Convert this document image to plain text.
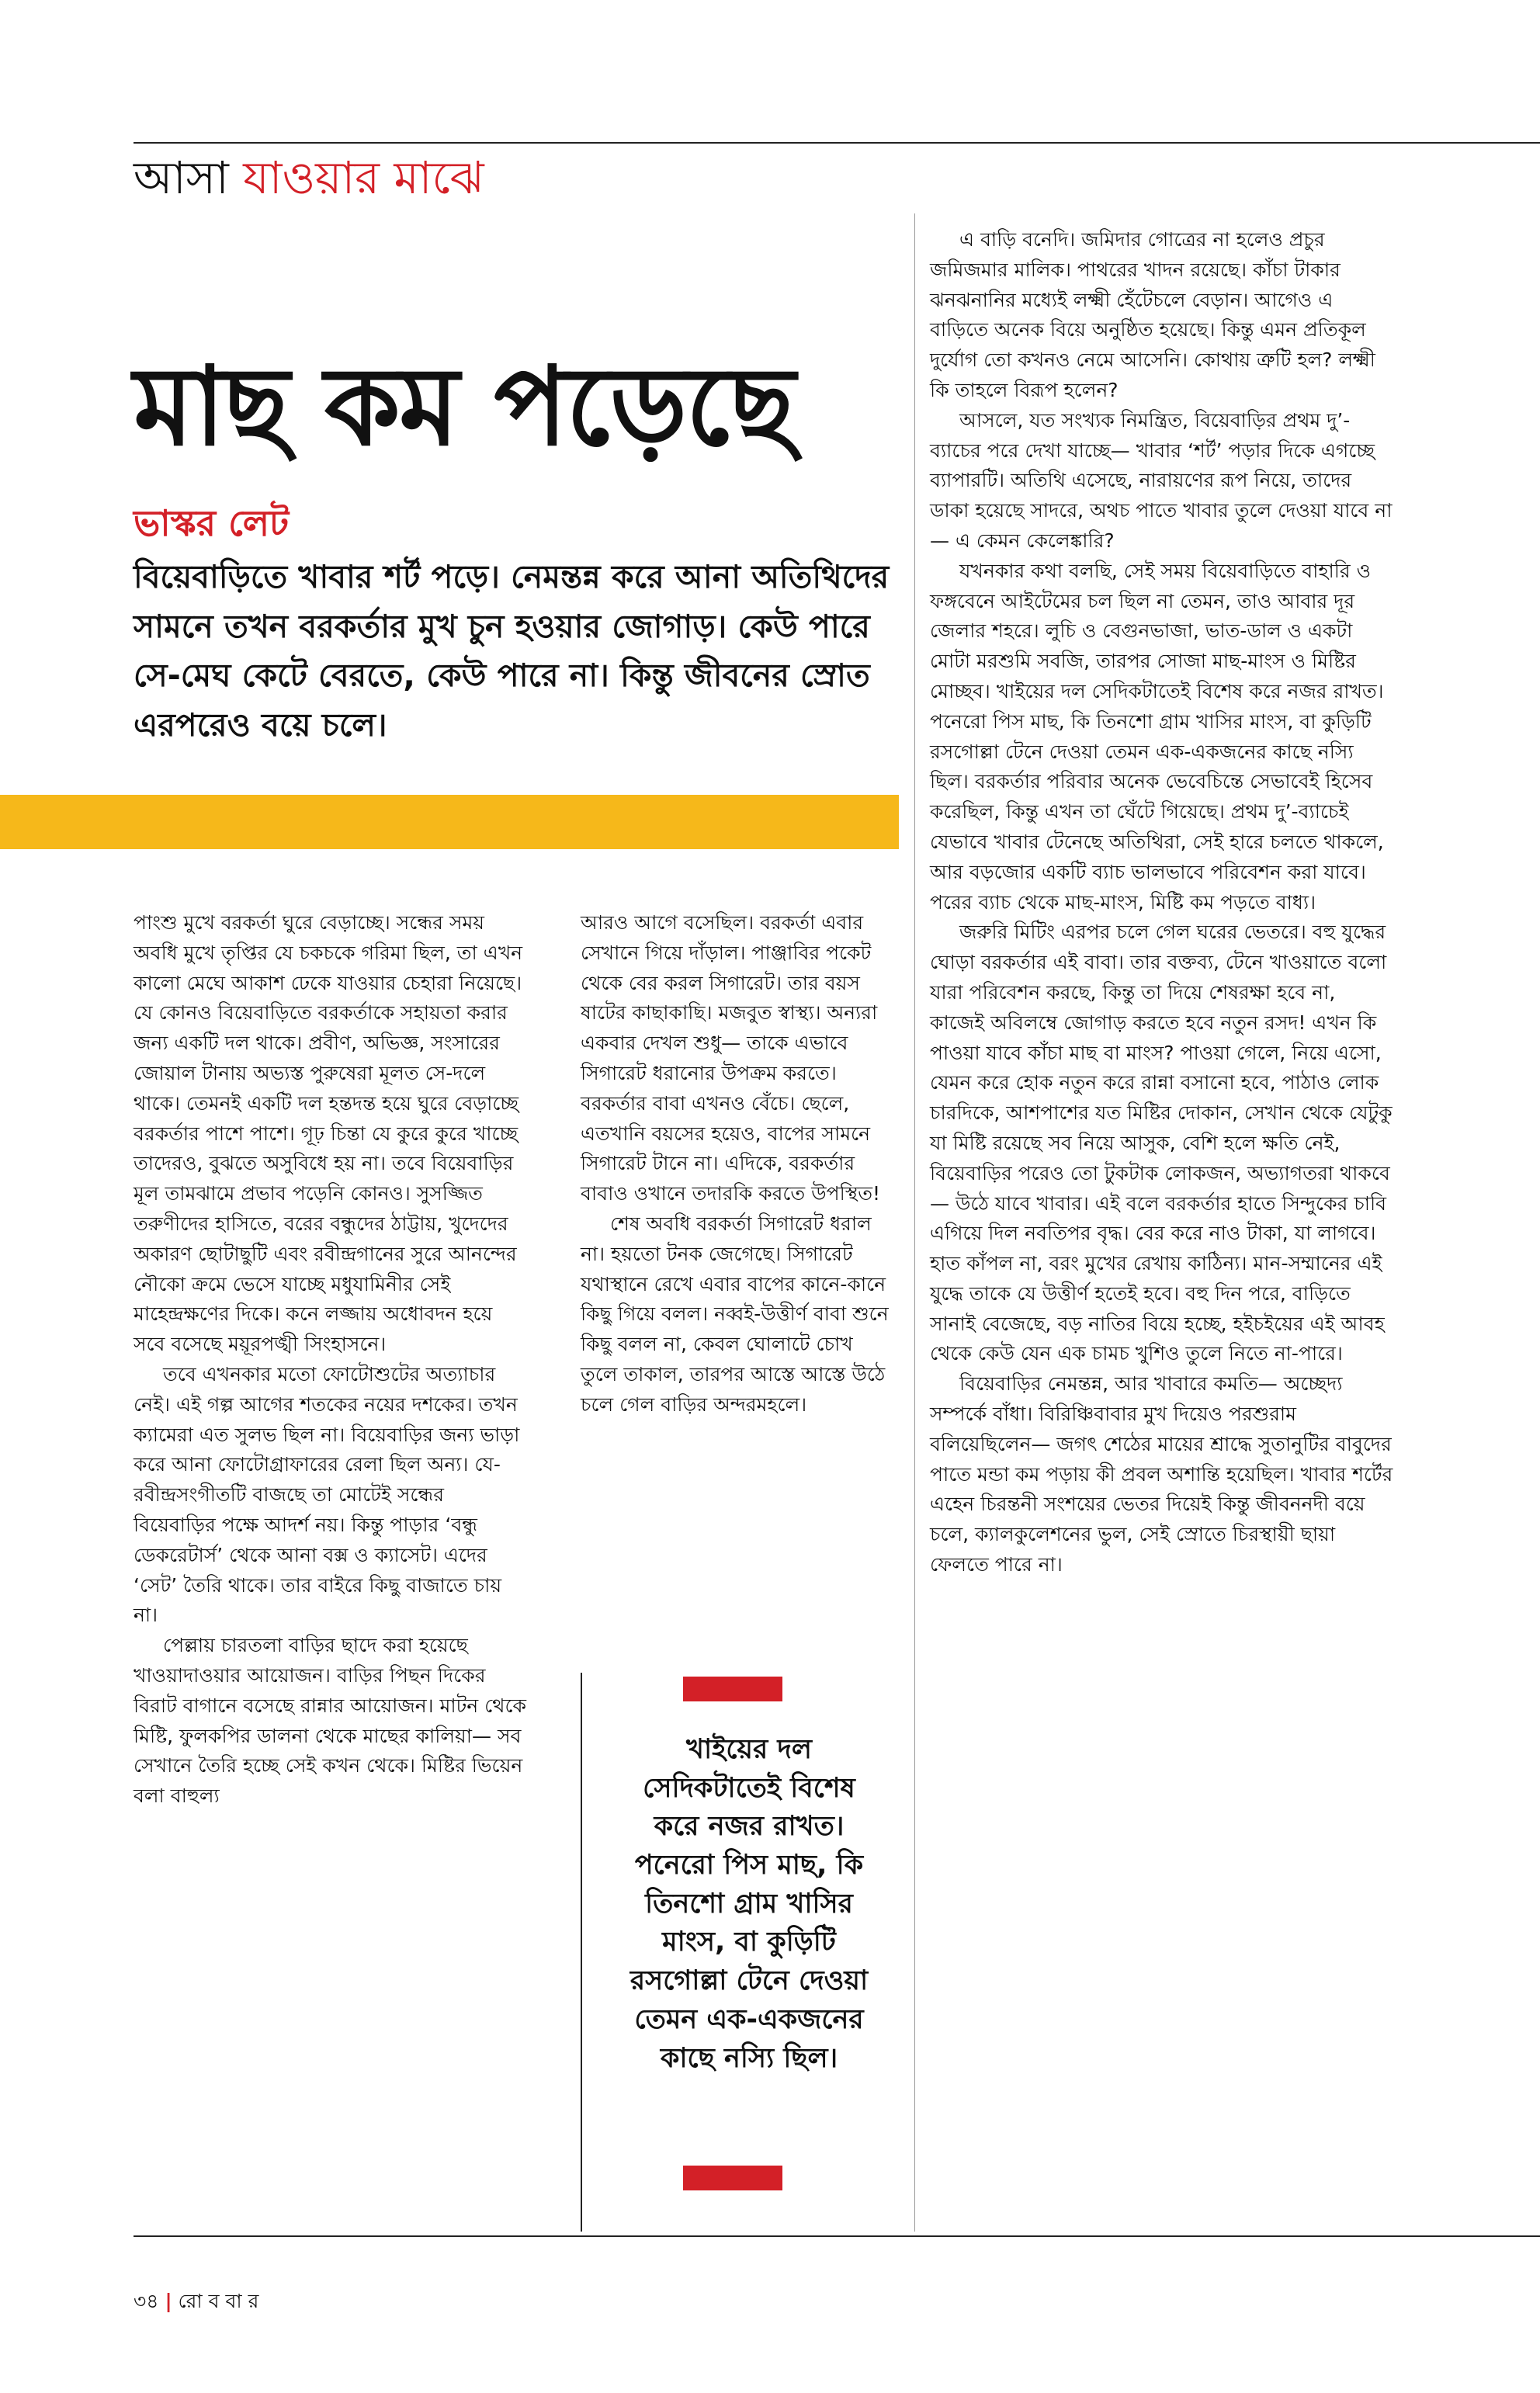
আসা যাওয়ার মাঝে
মাছ কম পড়েছে
ভাস্কর লেট
বিয়েবাড়িতে খাবার শর্ট পড়ে। নেমন্তন্ন করে আনা অতিথিদের সামনে তখন বরকর্তার মুখ চুন হওয়ার জোগাড়। কেউ পারে সে-মেঘ কেটে বেরতে, কেউ পারে না। কিন্তু জীবনের স্রোত এরপরেও বয়ে চলে।

পাংশু মুখে বরকর্তা ঘুরে বেড়াচ্ছে। সন্ধের সময় অবধি মুখে তৃপ্তির যে চকচকে গরিমা ছিল, তা এখন কালো মেঘে আকাশ ঢেকে যাওয়ার চেহারা নিয়েছে। যে কোনও বিয়েবাড়িতে বরকর্তাকে সহায়তা করার জন্য একটি দল থাকে। প্রবীণ, অভিজ্ঞ, সংসারের জোয়াল টানায় অভ্যস্ত পুরুষেরা মূলত সে-দলে থাকে। তেমনই একটি দল হন্তদন্ত হয়ে ঘুরে বেড়াচ্ছে বরকর্তার পাশে পাশে। গূঢ় চিন্তা যে কুরে কুরে খাচ্ছে তাদেরও, বুঝতে অসুবিধে হয় না। তবে বিয়েবাড়ির মূল তামঝামে প্রভাব পড়েনি কোনও। সুসজ্জিত তরুণীদের হাসিতে, বরের বন্ধুদের ঠাট্টায়, খুদেদের অকারণ ছোটাছুটি এবং রবীন্দ্রগানের সুরে আনন্দের নৌকো ক্রমে ভেসে যাচ্ছে মধুযামিনীর সেই মাহেন্দ্রক্ষণের দিকে। কনে লজ্জায় অধোবদন হয়ে সবে বসেছে ময়ূরপঙ্খী সিংহাসনে।

তবে এখনকার মতো ফোটোশুটের অত্যাচার নেই। এই গল্প আগের শতকের নয়ের দশকের। তখন ক্যামেরা এত সুলভ ছিল না। বিয়েবাড়ির জন্য ভাড়া করে আনা ফোটোগ্রাফারের রেলা ছিল অন্য। যে-রবীন্দ্রসংগীতটি বাজছে তা মোটেই সন্ধের বিয়েবাড়ির পক্ষে আদর্শ নয়। কিন্তু পাড়ার ‘বন্ধু ডেকরেটার্স’ থেকে আনা বক্স ও ক্যাসেট। এদের ‘সেট’ তৈরি থাকে। তার বাইরে কিছু বাজাতে চায় না।

পেল্লায় চারতলা বাড়ির ছাদে করা হয়েছে খাওয়াদাওয়ার আয়োজন। বাড়ির পিছন দিকের বিরাট বাগানে বসেছে রান্নার আয়োজন। মাটন থেকে মিষ্টি, ফুলকপির ডালনা থেকে মাছের কালিয়া— সব সেখানে তৈরি হচ্ছে সেই কখন থেকে। মিষ্টির ভিয়েন বলা বাহুল্য

আরও আগে বসেছিল। বরকর্তা এবার সেখানে গিয়ে দাঁড়াল। পাঞ্জাবির পকেট থেকে বের করল সিগারেট। তার বয়স ষাটের কাছাকাছি। মজবুত স্বাস্থ্য। অন্যরা একবার দেখল শুধু— তাকে এভাবে সিগারেট ধরানোর উপক্রম করতে। বরকর্তার বাবা এখনও বেঁচে। ছেলে, এতখানি বয়সের হয়েও, বাপের সামনে সিগারেট টানে না। এদিকে, বরকর্তার বাবাও ওখানে তদারকি করতে উপস্থিত!

শেষ অবধি বরকর্তা সিগারেট ধরাল না। হয়তো টনক জেগেছে। সিগারেট যথাস্থানে রেখে এবার বাপের কানে-কানে কিছু গিয়ে বলল। নব্বই-উত্তীর্ণ বাবা শুনে কিছু বলল না, কেবল ঘোলাটে চোখ তুলে তাকাল, তারপর আস্তে আস্তে উঠে চলে গেল বাড়ির অন্দরমহলে।

খাইয়ের দল সেদিকটাতেই বিশেষ করে নজর রাখত। পনেরো পিস মাছ, কি তিনশো গ্রাম খাসির মাংস, বা কুড়িটি রসগোল্লা টেনে দেওয়া তেমন এক-একজনের কাছে নস্যি ছিল।

এ বাড়ি বনেদি। জমিদার গোত্রের না হলেও প্রচুর জমিজমার মালিক। পাথরের খাদন রয়েছে। কাঁচা টাকার ঝনঝনানির মধ্যেই লক্ষ্মী হেঁটেচলে বেড়ান। আগেও এ বাড়িতে অনেক বিয়ে অনুষ্ঠিত হয়েছে। কিন্তু এমন প্রতিকূল দুর্যোগ তো কখনও নেমে আসেনি। কোথায় ত্রুটি হল? লক্ষ্মী কি তাহলে বিরূপ হলেন?

আসলে, যত সংখ্যক নিমন্ত্রিত, বিয়েবাড়ির প্রথম দু’-ব্যাচের পরে দেখা যাচ্ছে— খাবার ‘শর্ট’ পড়ার দিকে এগচ্ছে ব্যাপারটি। অতিথি এসেছে, নারায়ণের রূপ নিয়ে, তাদের ডাকা হয়েছে সাদরে, অথচ পাতে খাবার তুলে দেওয়া যাবে না— এ কেমন কেলেঙ্কারি?

যখনকার কথা বলছি, সেই সময় বিয়েবাড়িতে বাহারি ও ফঙ্গবেনে আইটেমের চল ছিল না তেমন, তাও আবার দূর জেলার শহরে। লুচি ও বেগুনভাজা, ভাত-ডাল ও একটা মোটা মরশুমি সবজি, তারপর সোজা মাছ-মাংস ও মিষ্টির মোচ্ছব। খাইয়ের দল সেদিকটাতেই বিশেষ করে নজর রাখত। পনেরো পিস মাছ, কি তিনশো গ্রাম খাসির মাংস, বা কুড়িটি রসগোল্লা টেনে দেওয়া তেমন এক-একজনের কাছে নস্যি ছিল। বরকর্তার পরিবার অনেক ভেবেচিন্তে সেভাবেই হিসেব করেছিল, কিন্তু এখন তা ঘেঁটে গিয়েছে। প্রথম দু’-ব্যাচেই যেভাবে খাবার টেনেছে অতিথিরা, সেই হারে চলতে থাকলে, আর বড়জোর একটি ব্যাচ ভালভাবে পরিবেশন করা যাবে। পরের ব্যাচ থেকে মাছ-মাংস, মিষ্টি কম পড়তে বাধ্য।

জরুরি মিটিং এরপর চলে গেল ঘরের ভেতরে। বহু যুদ্ধের ঘোড়া বরকর্তার এই বাবা। তার বক্তব্য, টেনে খাওয়াতে বলো যারা পরিবেশন করছে, কিন্তু তা দিয়ে শেষরক্ষা হবে না, কাজেই অবিলম্বে জোগাড় করতে হবে নতুন রসদ! এখন কি পাওয়া যাবে কাঁচা মাছ বা মাংস? পাওয়া গেলে, নিয়ে এসো, যেমন করে হোক নতুন করে রান্না বসানো হবে, পাঠাও লোক চারদিকে, আশপাশের যত মিষ্টির দোকান, সেখান থেকে যেটুকু যা মিষ্টি রয়েছে সব নিয়ে আসুক, বেশি হলে ক্ষতি নেই, বিয়েবাড়ির পরেও তো টুকটাক লোকজন, অভ্যাগতরা থাকবে— উঠে যাবে খাবার। এই বলে বরকর্তার হাতে সিন্দুকের চাবি এগিয়ে দিল নবতিপর বৃদ্ধ। বের করে নাও টাকা, যা লাগবে। হাত কাঁপল না, বরং মুখের রেখায় কাঠিন্য। মান-সম্মানের এই যুদ্ধে তাকে যে উত্তীর্ণ হতেই হবে। বহু দিন পরে, বাড়িতে সানাই বেজেছে, বড় নাতির বিয়ে হচ্ছে, হইচইয়ের এই আবহ থেকে কেউ যেন এক চামচ খুশিও তুলে নিতে না-পারে।

বিয়েবাড়ির নেমন্তন্ন, আর খাবারে কমতি— অচ্ছেদ্য সম্পর্কে বাঁধা। বিরিঞ্চিবাবার মুখ দিয়েও পরশুরাম বলিয়েছিলেন— জগৎ শেঠের মায়ের শ্রাদ্ধে সুতানুটির বাবুদের পাতে মন্ডা কম পড়ায় কী প্রবল অশান্তি হয়েছিল। খাবার শর্টের এহেন চিরন্তনী সংশয়ের ভেতর দিয়েই কিন্তু জীবননদী বয়ে চলে, ক্যালকুলেশনের ভুল, সেই স্রোতে চিরস্থায়ী ছায়া ফেলতে পারে না।

৩৪ | রো ব বা র
